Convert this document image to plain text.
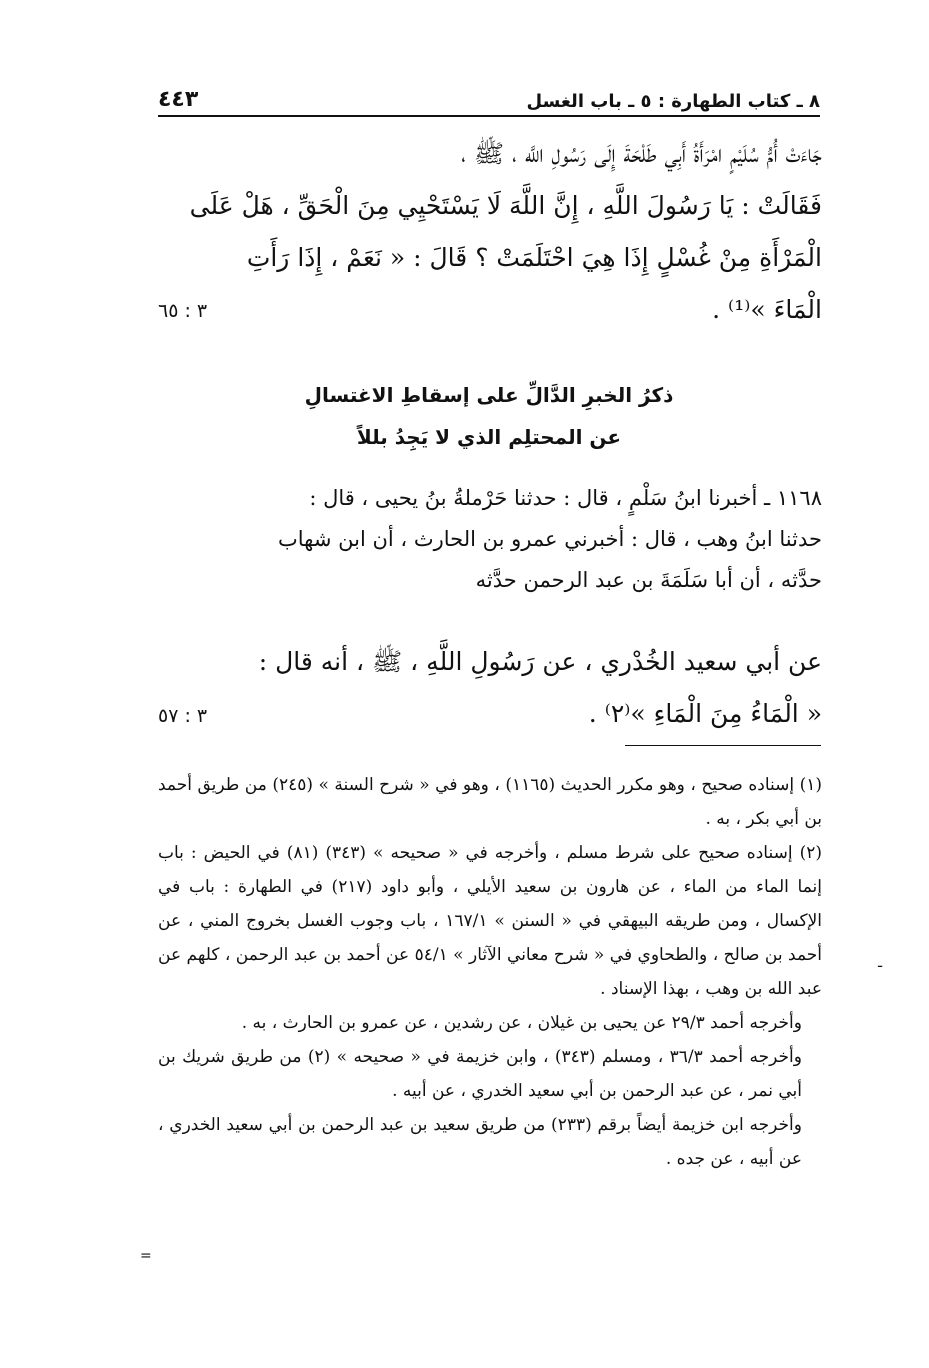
٨ ـ كتاب الطهارة : ٥ ـ باب الغسل
٤٤٣

جَاءَتْ أُمُّ سُلَيْمٍ امْرَأَةُ أَبِي طَلْحَةَ إِلَى رَسُولِ اللَّه ، ﷺ ،

فَقَالَتْ : يَا رَسُولَ اللَّهِ ، إِنَّ اللَّهَ لَا يَسْتَحْيِي مِنَ الْحَقِّ ، هَلْ عَلَى

الْمَرْأَةِ مِنْ غُسْلٍ إِذَا هِيَ احْتَلَمَتْ ؟ قَالَ : « نَعَمْ ، إِذَا رَأَتِ

الْمَاءَ »⁽¹⁾ .

٣ : ٦٥
ذكرُ الخبرِ الدَّالِّ على إسقاطِ الاغتسالِ
عن المحتلِم الذي لا يَجِدُ بللاً

١١٦٨ ـ أخبرنا ابنُ سَلْمٍ ، قال : حدثنا حَرْملةُ بنُ يحيى ، قال :

حدثنا ابنُ وهب ، قال : أخبرني عمرو بن الحارث ، أن ابن شهاب

حدَّثه ، أن أبا سَلَمَةَ بن عبد الرحمن حدَّثه

عن أبي سعيد الخُدْري ، عن رَسُولِ اللَّهِ ، ﷺ ، أنه قال :

« الْمَاءُ مِنَ الْمَاءِ »⁽٢⁾ .

٣ : ٥٧

(١) إسناده صحيح ، وهو مكرر الحديث (١١٦٥) ، وهو في « شرح السنة » (٢٤٥) من طريق أحمد بن أبي بكر ، به .

(٢) إسناده صحيح على شرط مسلم ، وأخرجه في « صحيحه » (٣٤٣) (٨١) في الحيض : باب إنما الماء من الماء ، عن هارون بن سعيد الأيلي ، وأبو داود (٢١٧) في الطهارة : باب في الإكسال ، ومن طريقه البيهقي في « السنن » ١٦٧/١ ، باب وجوب الغسل بخروج المني ، عن أحمد بن صالح ، والطحاوي في « شرح معاني الآثار » ٥٤/١ عن أحمد بن عبد الرحمن ، كلهم عن عبد الله بن وهب ، بهذا الإسناد .

وأخرجه أحمد ٢٩/٣ عن يحيى بن غيلان ، عن رشدين ، عن عمرو بن الحارث ، به .

وأخرجه أحمد ٣٦/٣ ، ومسلم (٣٤٣) ، وابن خزيمة في « صحيحه » (٢) من طريق شريك بن أبي نمر ، عن عبد الرحمن بن أبي سعيد الخدري ، عن أبيه .

وأخرجه ابن خزيمة أيضاً برقم (٢٣٣) من طريق سعيد بن عبد الرحمن بن أبي سعيد الخدري ، عن أبيه ، عن جده .

=
ـ
